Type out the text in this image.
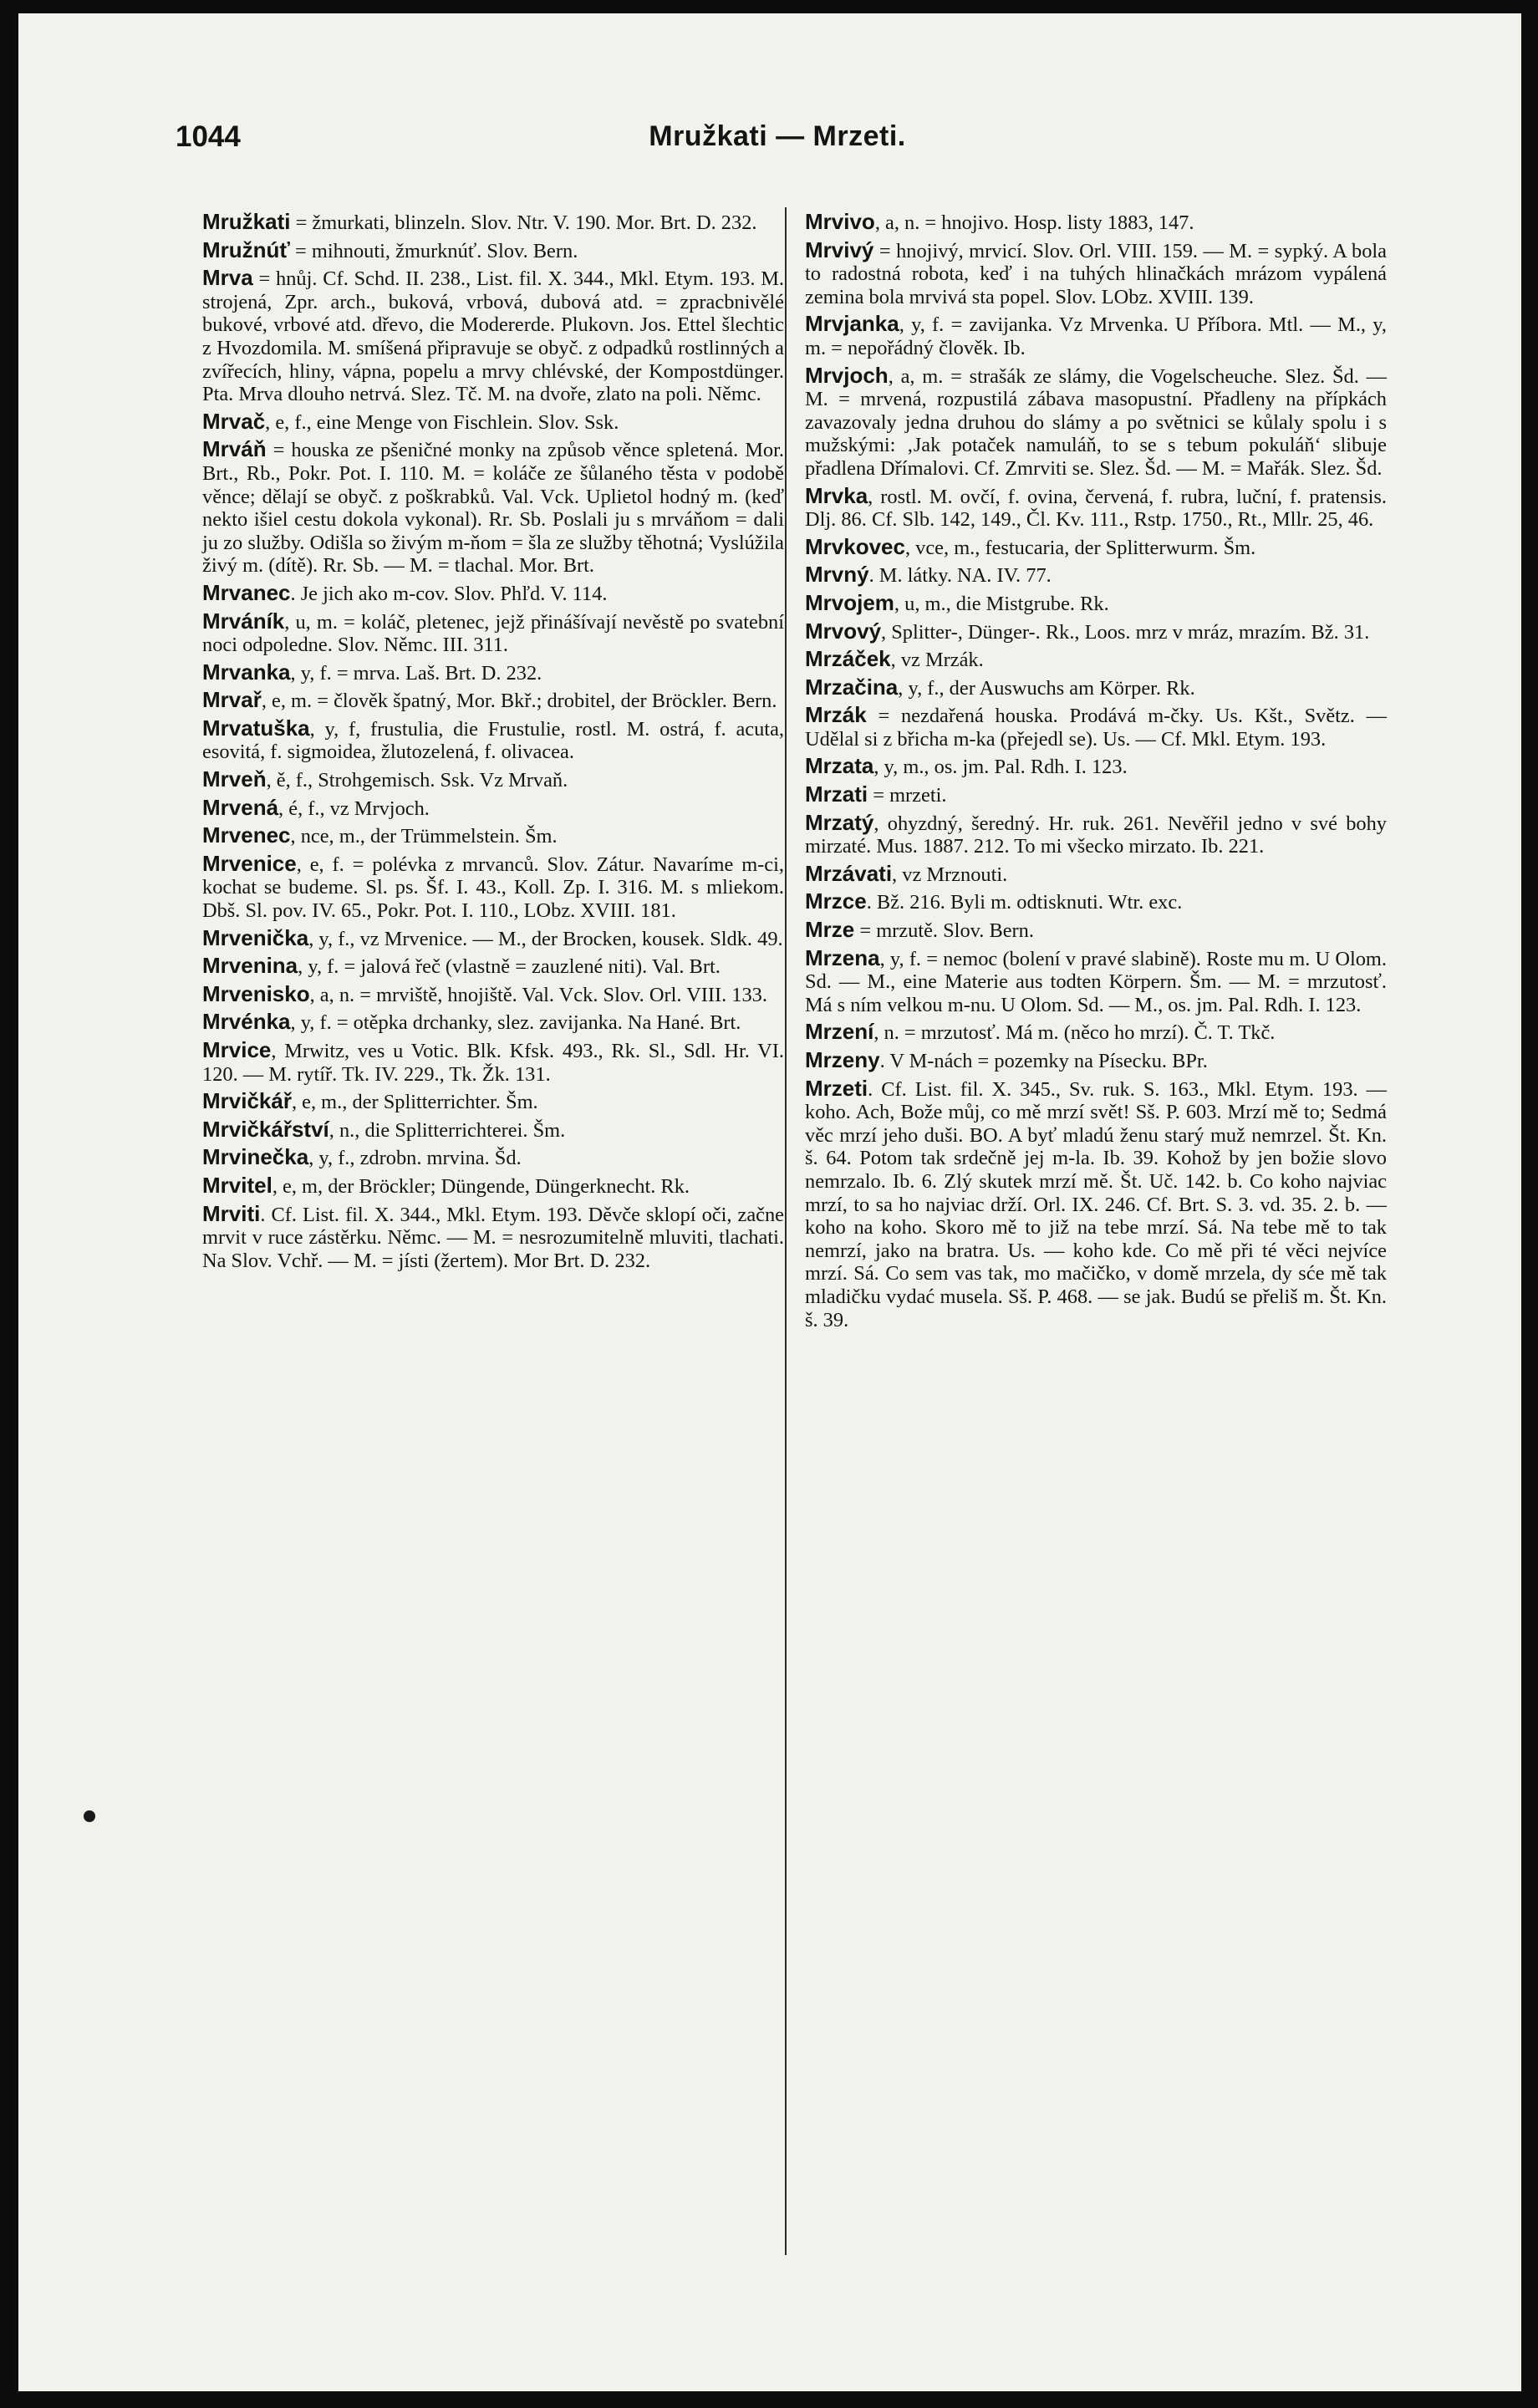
1044	Mružkati — Mrzeti.

Mružkati = žmurkati, blinzeln. Slov. Ntr. V. 190. Mor. Brt. D. 232.

Mružnúť = mihnouti, žmurknúť. Slov. Bern.

Mrva = hnůj. Cf. Schd. II. 238., List. fil. X. 344., Mkl. Etym. 193. M. strojená, Zpr. arch., buková, vrbová, dubová atd. = zpracbnivělé bukové, vrbové atd. dřevo, die Modererde. Plukovn. Jos. Ettel šlechtic z Hvozdomila. M. smíšená připravuje se obyč. z odpadků rostlinných a zvířecích, hliny, vápna, popelu a mrvy chlévské, der Kompostdünger. Pta. Mrva dlouho netrvá. Slez. Tč. M. na dvoře, zlato na poli. Němc.

Mrvač, e, f., eine Menge von Fischlein. Slov. Ssk.

Mrváň = houska ze pšeničné monky na způsob věnce spletená. Mor. Brt., Rb., Pokr. Pot. I. 110. M. = koláče ze šůlaného těsta v podobě věnce; dělají se obyč. z poškrabků. Val. Vck. Uplietol hodný m. (keď nekto išiel cestu dokola vykonal). Rr. Sb. Poslali ju s mrváňom = dali ju zo služby. Odišla so živým m-ňom = šla ze služby těhotná; Vyslúžila živý m. (dítě). Rr. Sb. — M. = tlachal. Mor. Brt.

Mrvanec. Je jich ako m-cov. Slov. Phľd. V. 114.

Mrváník, u, m. = koláč, pletenec, jejž přinášívají nevěstě po svatební noci odpoledne. Slov. Němc. III. 311.

Mrvanka, y, f. = mrva. Laš. Brt. D. 232.

Mrvař, e, m. = člověk špatný, Mor. Bkř.; drobitel, der Bröckler. Bern.

Mrvatuška, y, f, frustulia, die Frustulie, rostl. M. ostrá, f. acuta, esovitá, f. sigmoidea, žlutozelená, f. olivacea.

Mrveň, ě, f., Strohgemisch. Ssk. Vz Mrvaň.

Mrvená, é, f., vz Mrvjoch.

Mrvenec, nce, m., der Trümmelstein. Šm.

Mrvenice, e, f. = polévka z mrvanců. Slov. Zátur. Navaríme m-ci, kochat se budeme. Sl. ps. Šf. I. 43., Koll. Zp. I. 316. M. s mliekom. Dbš. Sl. pov. IV. 65., Pokr. Pot. I. 110., LObz. XVIII. 181.

Mrvenička, y, f., vz Mrvenice. — M., der Brocken, kousek. Sldk. 49.

Mrvenina, y, f. = jalová řeč (vlastně = zauzlené niti). Val. Brt.

Mrvenisko, a, n. = mrviště, hnojiště. Val. Vck. Slov. Orl. VIII. 133.

Mrvénka, y, f. = otěpka drchanky, slez. zavijanka. Na Hané. Brt.

Mrvice, Mrwitz, ves u Votic. Blk. Kfsk. 493., Rk. Sl., Sdl. Hr. VI. 120. — M. rytíř. Tk. IV. 229., Tk. Žk. 131.

Mrvičkář, e, m., der Splitterrichter. Šm.

Mrvičkářství, n., die Splitterrichterei. Šm.

Mrvinečka, y, f., zdrobn. mrvina. Šd.

Mrvitel, e, m, der Bröckler; Düngende, Düngerknecht. Rk.

Mrviti. Cf. List. fil. X. 344., Mkl. Etym. 193. Děvče sklopí oči, začne mrvit v ruce zástěrku. Němc. — M. = nesrozumitelně mluviti, tlachati. Na Slov. Vchř. — M. = jísti (žertem). Mor Brt. D. 232.

Mrvivo, a, n. = hnojivo. Hosp. listy 1883, 147.

Mrvivý = hnojivý, mrvicí. Slov. Orl. VIII. 159. — M. = sypký. A bola to radostná robota, keď i na tuhých hlinačkách mrázom vypálená zemina bola mrvivá sta popel. Slov. LObz. XVIII. 139.

Mrvjanka, y, f. = zavijanka. Vz Mrvenka. U Příbora. Mtl. — M., y, m. = nepořádný člověk. Ib.

Mrvjoch, a, m. = strašák ze slámy, die Vogelscheuche. Slez. Šd. — M. = mrvená, rozpustilá zábava masopustní. Přadleny na přípkách zavazovaly jedna druhou do slámy a po světnici se kůlaly spolu i s mužskými: ‚Jak potaček namuláň, to se s tebum pokuláň‘ slibuje přadlena Dřímalovi. Cf. Zmrviti se. Slez. Šd. — M. = Mařák. Slez. Šd.

Mrvka, rostl. M. ovčí, f. ovina, červená, f. rubra, luční, f. pratensis. Dlj. 86. Cf. Slb. 142, 149., Čl. Kv. 111., Rstp. 1750., Rt., Mllr. 25, 46.

Mrvkovec, vce, m., festucaria, der Splitterwurm. Šm.

Mrvný. M. látky. NA. IV. 77.

Mrvojem, u, m., die Mistgrube. Rk.

Mrvový, Splitter-, Dünger-. Rk., Loos. mrz v mráz, mrazím. Bž. 31.

Mrzáček, vz Mrzák.

Mrzačina, y, f., der Auswuchs am Körper. Rk.

Mrzák = nezdařená houska. Prodává m-čky. Us. Kšt., Světz. — Udělal si z břicha m-ka (přejedl se). Us. — Cf. Mkl. Etym. 193.

Mrzata, y, m., os. jm. Pal. Rdh. I. 123.

Mrzati = mrzeti.

Mrzatý, ohyzdný, šeredný. Hr. ruk. 261. Nevěřil jedno v své bohy mirzaté. Mus. 1887. 212. To mi všecko mirzato. Ib. 221.

Mrzávati, vz Mrznouti.

Mrzce. Bž. 216. Byli m. odtisknuti. Wtr. exc.

Mrze = mrzutě. Slov. Bern.

Mrzena, y, f. = nemoc (bolení v pravé slabině). Roste mu m. U Olom. Sd. — M., eine Materie aus todten Körpern. Šm. — M. = mrzutosť. Má s ním velkou m-nu. U Olom. Sd. — M., os. jm. Pal. Rdh. I. 123.

Mrzení, n. = mrzutosť. Má m. (něco ho mrzí). Č. T. Tkč.

Mrzeny. V M-nách = pozemky na Písecku. BPr.

Mrzeti. Cf. List. fil. X. 345., Sv. ruk. S. 163., Mkl. Etym. 193. — koho. Ach, Bože můj, co mě mrzí svět! Sš. P. 603. Mrzí mě to; Sedmá věc mrzí jeho duši. BO. A byť mladú ženu starý muž nemrzel. Št. Kn. š. 64. Potom tak srdečně jej m-la. Ib. 39. Kohož by jen božie slovo nemrzalo. Ib. 6. Zlý skutek mrzí mě. Št. Uč. 142. b. Co koho najviac mrzí, to sa ho najviac drží. Orl. IX. 246. Cf. Brt. S. 3. vd. 35. 2. b. — koho na koho. Skoro mě to již na tebe mrzí. Sá. Na tebe mě to tak nemrzí, jako na bratra. Us. — koho kde. Co mě při té věci nejvíce mrzí. Sá. Co sem vas tak, mo mačičko, v domě mrzela, dy sće mě tak mladičku vydać musela. Sš. P. 468. — se jak. Budú se přeliš m. Št. Kn. š. 39.
